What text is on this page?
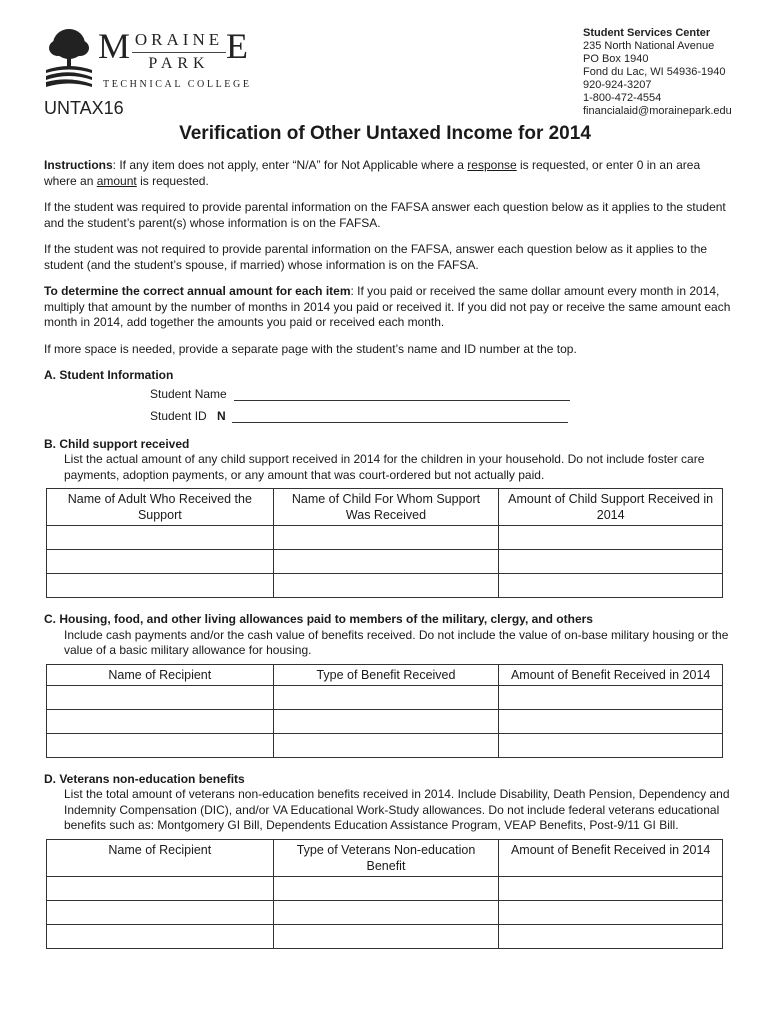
M ORAINE E
PARK
TECHNICAL COLLEGE
UNTAX16
Student Services Center
235 North National Avenue
PO Box 1940
Fond du Lac, WI 54936-1940
920-924-3207
1-800-472-4554
financialaid@morainepark.edu
Verification of Other Untaxed Income for 2014

Instructions: If any item does not apply, enter “N/A” for Not Applicable where a response is requested, or enter 0 in an area where an amount is requested.

If the student was required to provide parental information on the FAFSA answer each question below as it applies to the student and the student’s parent(s) whose information is on the FAFSA.

If the student was not required to provide parental information on the FAFSA, answer each question below as it applies to the student (and the student’s spouse, if married) whose information is on the FAFSA.

To determine the correct annual amount for each item: If you paid or received the same dollar amount every month in 2014, multiply that amount by the number of months in 2014 you paid or received it. If you did not pay or receive the same amount each month in 2014, add together the amounts you paid or received each month.

If more space is needed, provide a separate page with the student’s name and ID number at the top.

A. Student Information
Student Name
Student ID N
B. Child support received
List the actual amount of any child support received in 2014 for the children in your household. Do not include foster care payments, adoption payments, or any amount that was court-ordered but not actually paid.
Name of Adult Who Received the Support	Name of Child For Whom Support Was Received	Amount of Child Support Received in 2014

C. Housing, food, and other living allowances paid to members of the military, clergy, and others
Include cash payments and/or the cash value of benefits received. Do not include the value of on-base military housing or the value of a basic military allowance for housing.
Name of Recipient	Type of Benefit Received	Amount of Benefit Received in 2014

D. Veterans non-education benefits
List the total amount of veterans non-education benefits received in 2014. Include Disability, Death Pension, Dependency and Indemnity Compensation (DIC), and/or VA Educational Work-Study allowances. Do not include federal veterans educational benefits such as: Montgomery GI Bill, Dependents Education Assistance Program, VEAP Benefits, Post-9/11 GI Bill.
Name of Recipient	Type of Veterans Non-education Benefit	Amount of Benefit Received in 2014
